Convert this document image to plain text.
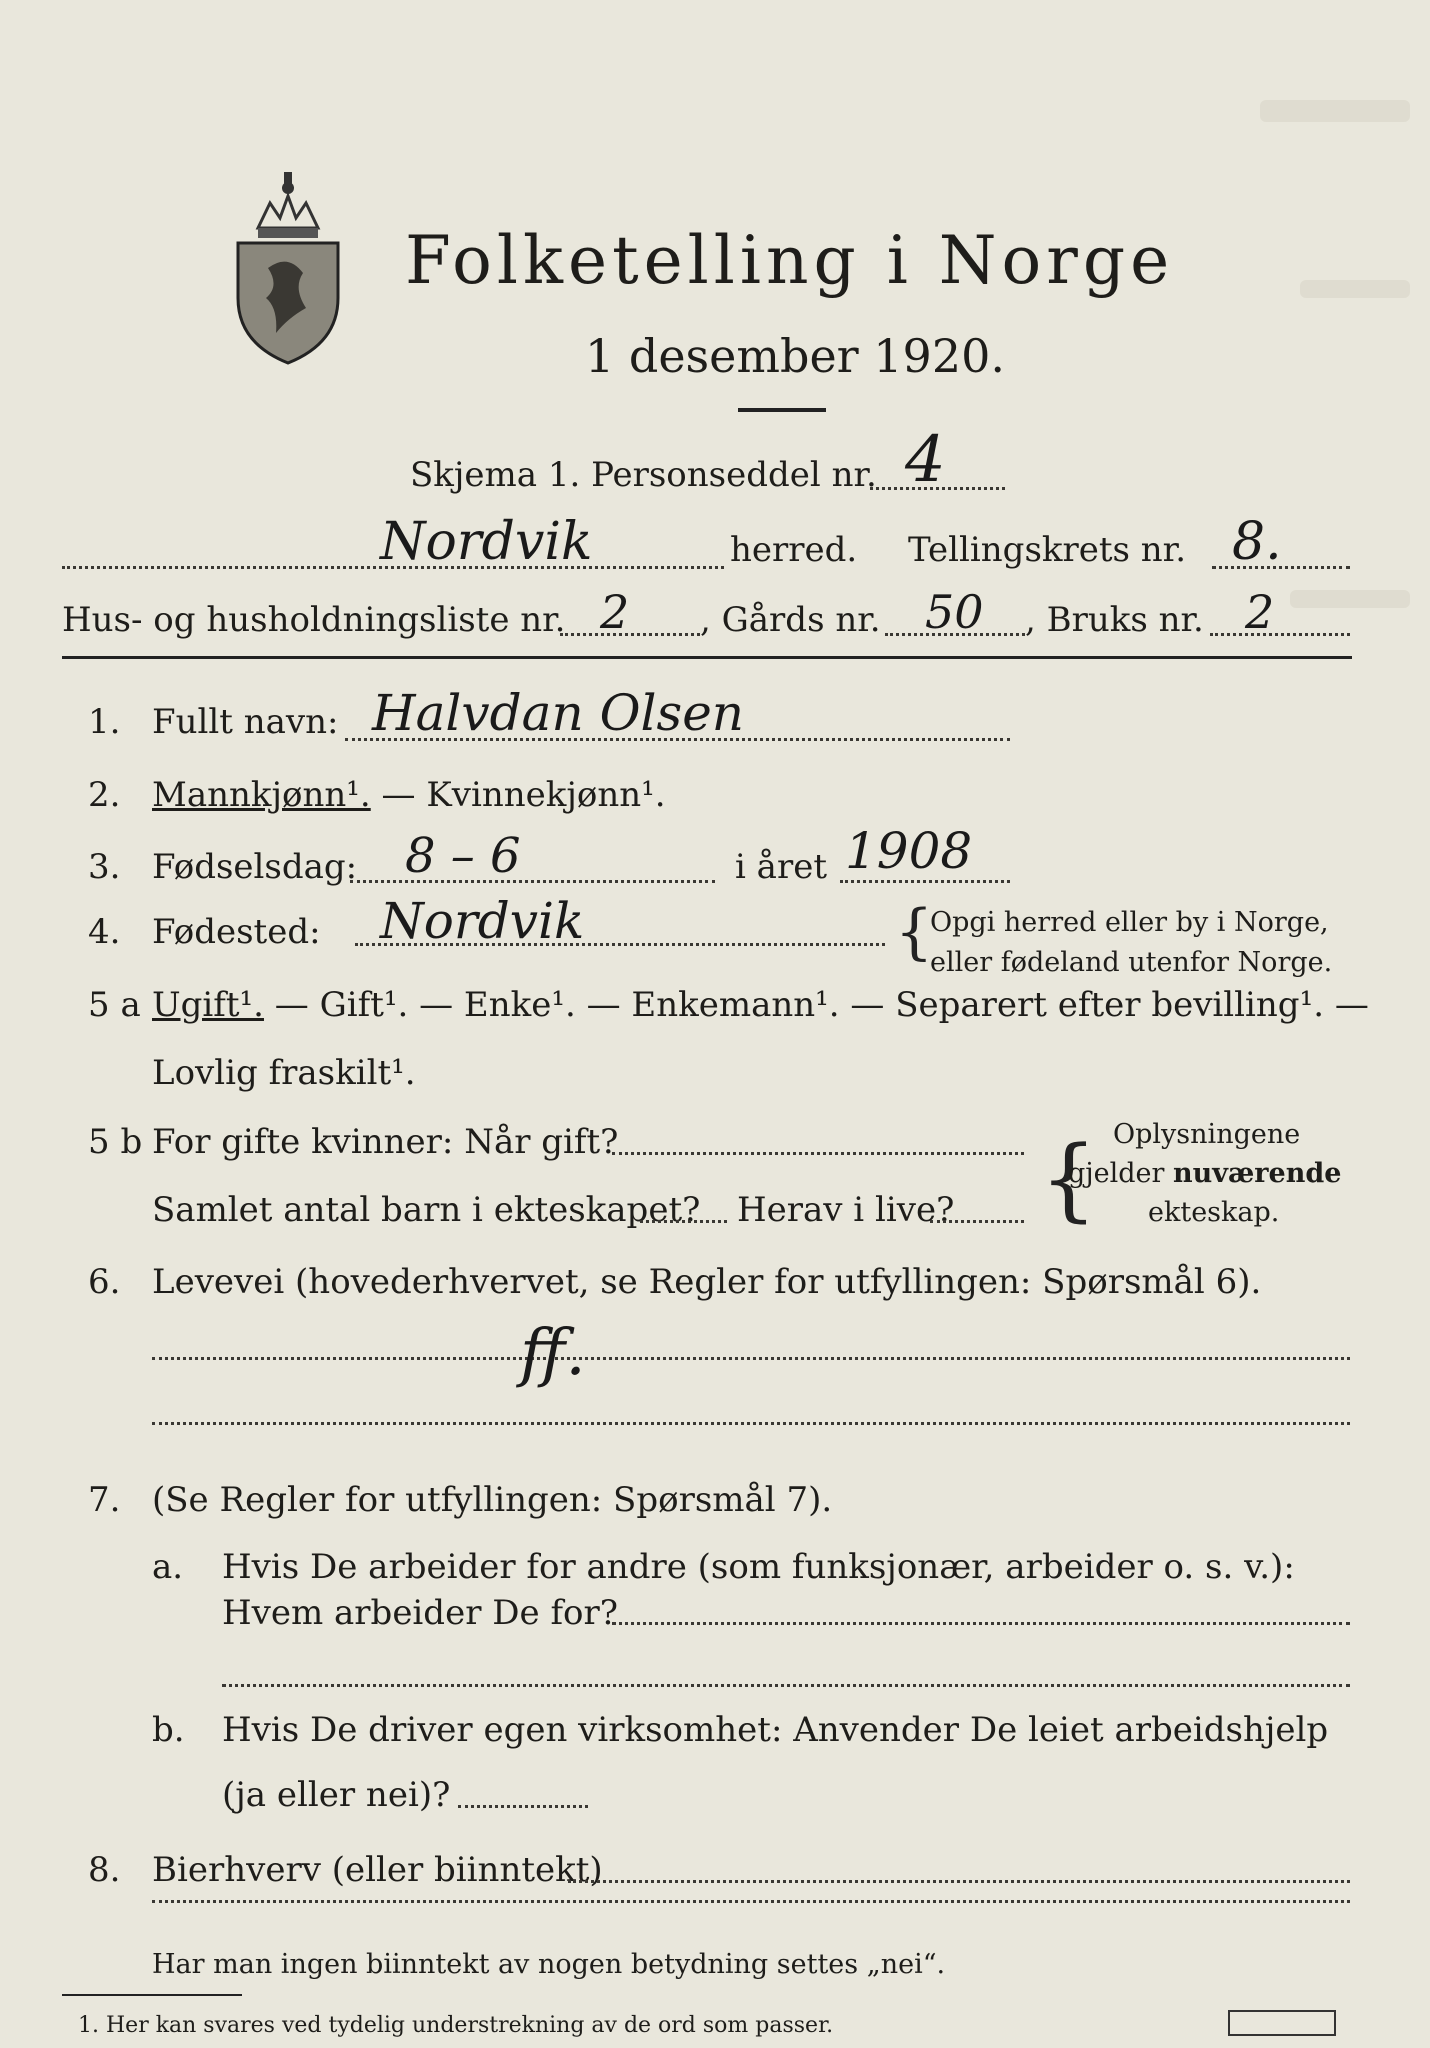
Folketelling i Norge
1 desember 1920.
Skjema 1. Personseddel nr. 4
Nordvik	herred. Tellingskrets nr. 8.
Hus- og husholdningsliste nr. 2 , Gårds nr. 50 , Bruks nr. 2
1. Fullt navn: Halvdan Olsen
2. Mannkjønn¹. — Kvinnekjønn¹.
3. Fødselsdag: 8 – 6	i året 1908
4. Fødested: Nordvik	{
Opgi herred eller by i Norge,
eller fødeland utenfor Norge.
5 a Ugift¹. — Gift¹. — Enke¹. — Enkemann¹. — Separert efter bevilling¹. —
Lovlig fraskilt¹.
5 b For gifte kvinner: Når gift?
Samlet antal barn i ekteskapet? Herav i live? { Oplysningene
gjelder nuværende
ekteskap.
6. Levevei (hovederhvervet, se Regler for utfyllingen: Spørsmål 6).
ff.
7. (Se Regler for utfyllingen: Spørsmål 7).
a. Hvis De arbeider for andre (som funksjonær, arbeider o. s. v.):
Hvem arbeider De for?
b. Hvis De driver egen virksomhet: Anvender De leiet arbeidshjelp
(ja eller nei)?
8. Bierhverv (eller biinntekt)
Har man ingen biinntekt av nogen betydning settes „nei“.
1. Her kan svares ved tydelig understrekning av de ord som passer.
